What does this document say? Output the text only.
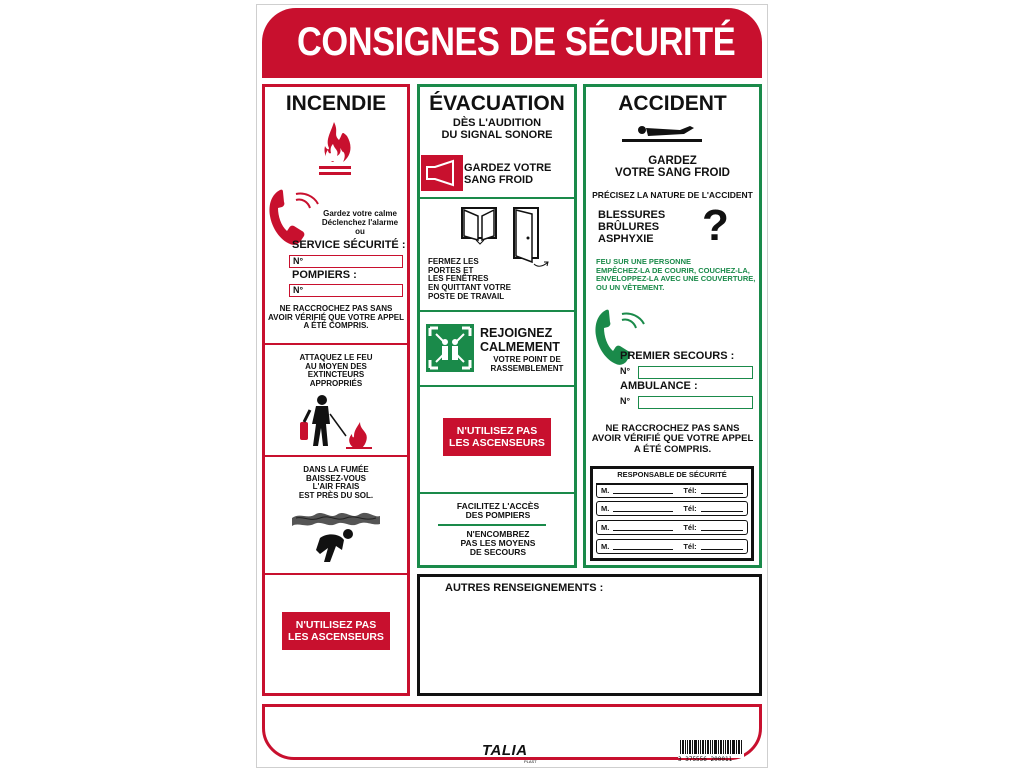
CONSIGNES DE SÉCURITÉ
INCENDIE
Gardez votre calme
Déclenchez l'alarme
ou
SERVICE SÉCURITÉ :
N°
POMPIERS :
N°
NE RACCROCHEZ PAS SANS
AVOIR VÉRIFIÉ QUE VOTRE APPEL
A ÉTÉ COMPRIS.
ATTAQUEZ LE FEU
AU MOYEN DES
EXTINCTEURS
APPROPRIÉS
DANS LA FUMÉE
BAISSEZ-VOUS
L'AIR FRAIS
EST PRÈS DU SOL.
N'UTILISEZ PAS
LES ASCENSEURS
ÉVACUATION
DÈS L'AUDITION
DU SIGNAL SONORE
GARDEZ VOTRE
SANG FROID
FERMEZ LES
PORTES ET
LES FENÊTRES
EN QUITTANT VOTRE
POSTE DE TRAVAIL
REJOIGNEZ
CALMEMENT
VOTRE POINT DE
RASSEMBLEMENT
N'UTILISEZ PAS
LES ASCENSEURS
FACILITEZ L'ACCÈS
DES POMPIERS
N'ENCOMBREZ
PAS LES MOYENS
DE SECOURS
ACCIDENT
GARDEZ
VOTRE SANG FROID
PRÉCISEZ LA NATURE DE L'ACCIDENT
BLESSURES
BRÛLURES
ASPHYXIE	?
FEU SUR UNE PERSONNE
EMPÊCHEZ-LA DE COURIR, COUCHEZ-LA,
ENVELOPPEZ-LA AVEC UNE COUVERTURE,
OU UN VÊTEMENT.
PREMIER SECOURS :
N°
AMBULANCE :
N°
NE RACCROCHEZ PAS SANS
AVOIR VÉRIFIÉ QUE VOTRE APPEL
A ÉTÉ COMPRIS.
RESPONSABLE DE SÉCURITÉ
M.	Tél:
M.	Tél:
M.	Tél:
M.	Tél:
AUTRES RENSEIGNEMENTS :
TALIA
PLAST	3 375556 200011
